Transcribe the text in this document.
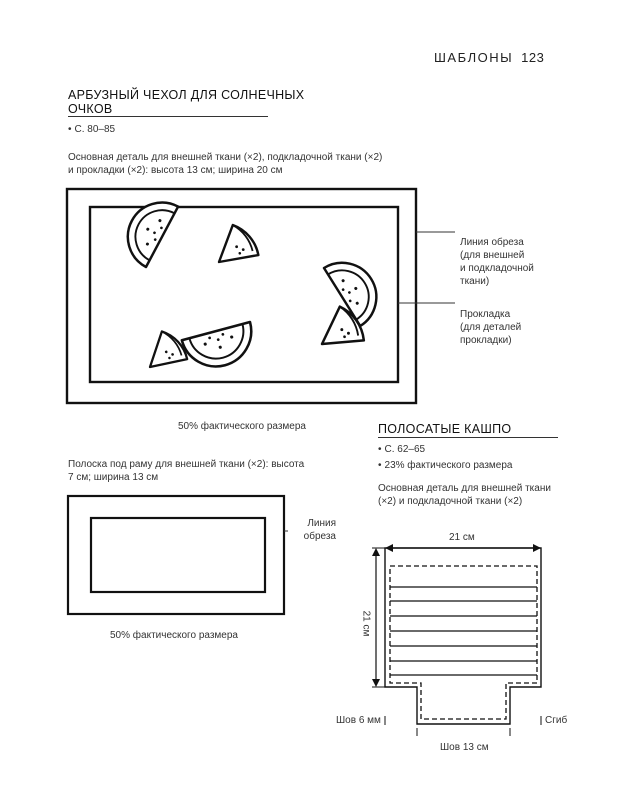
ШАБЛОНЫ 123
АРБУЗНЫЙ ЧЕХОЛ ДЛЯ СОЛНЕЧНЫХ
ОЧКОВ
• С. 80–85
Основная деталь для внешней ткани (×2), подкладочной ткани (×2)
и прокладки (×2): высота 13 см; ширина 20 см
Линия обреза
(для внешней
и подкладочной
ткани)
Прокладка
(для деталей
прокладки)
50% фактического размера
Полоска под раму для внешней ткани (×2): высота
7 см; ширина 13 см
Линия
обреза
50% фактического размера
ПОЛОСАТЫЕ КАШПО
• С. 62–65
• 23% фактического размера
Основная деталь для внешней ткани
(×2) и подкладочной ткани (×2)
21 см
21 см
Шов 6 мм	Сгиб
Шов 13 см
